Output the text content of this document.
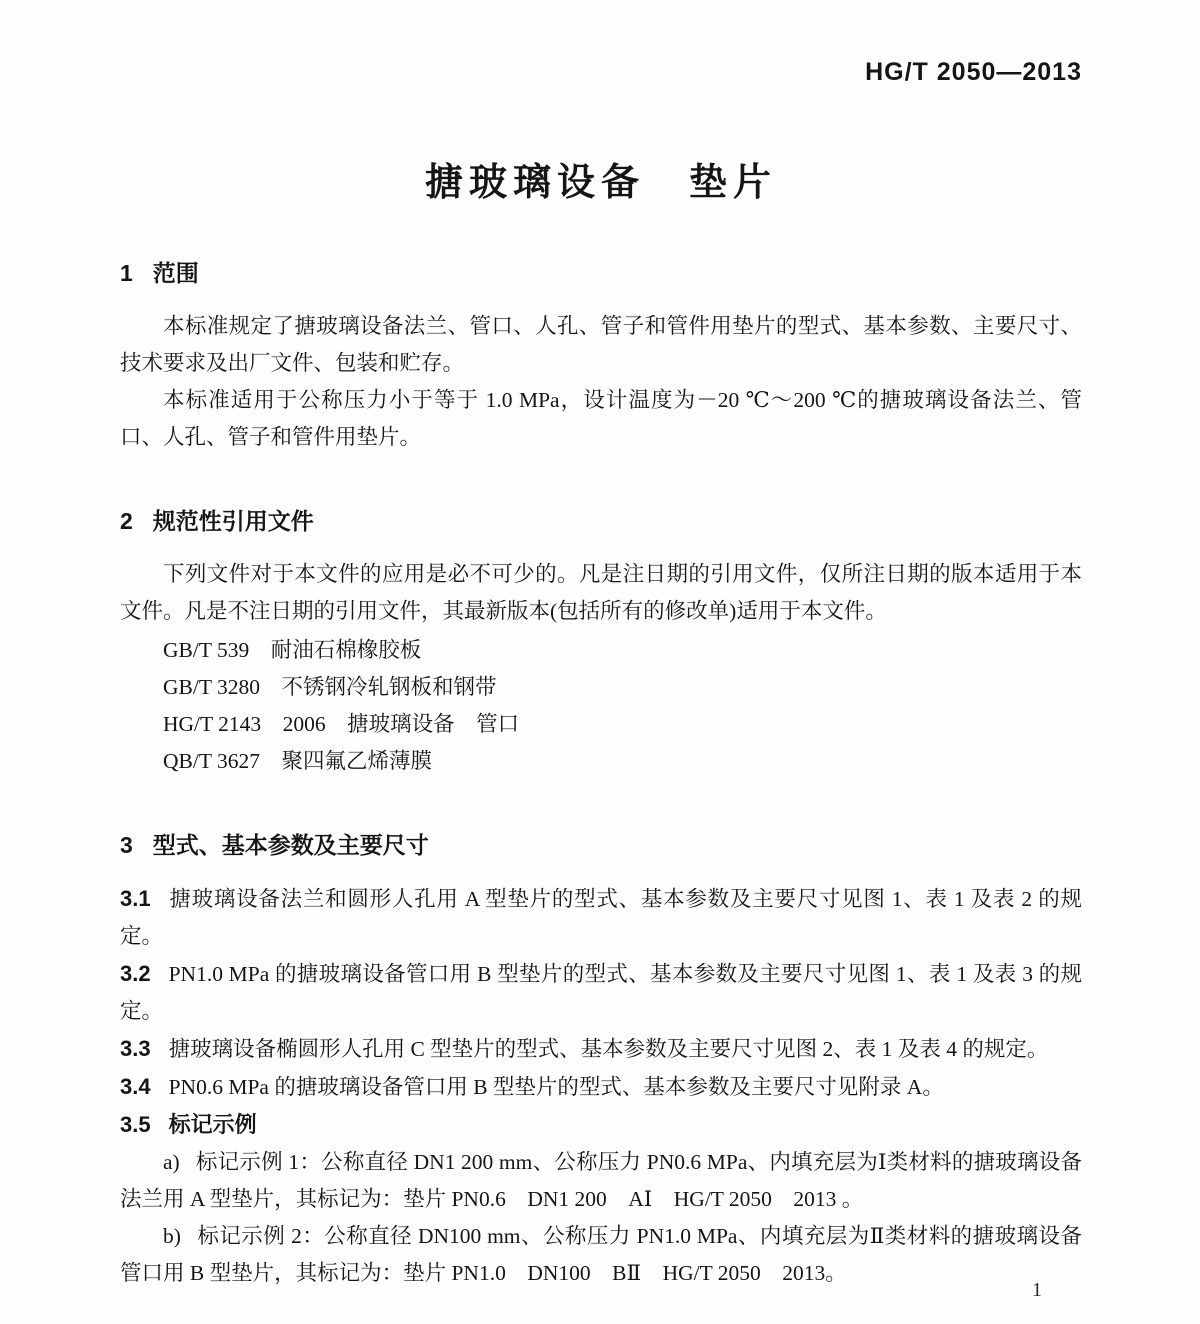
HG/T 2050—2013
搪玻璃设备　垫片
1 范围

本标准规定了搪玻璃设备法兰、管口、人孔、管子和管件用垫片的型式、基本参数、主要尺寸、技术要求及出厂文件、包装和贮存。

本标准适用于公称压力小于等于 1.0 MPa，设计温度为－20 ℃～200 ℃的搪玻璃设备法兰、管口、人孔、管子和管件用垫片。

2 规范性引用文件

下列文件对于本文件的应用是必不可少的。凡是注日期的引用文件，仅所注日期的版本适用于本文件。凡是不注日期的引用文件，其最新版本(包括所有的修改单)适用于本文件。

GB/T 539　耐油石棉橡胶板
GB/T 3280　不锈钢冷轧钢板和钢带
HG/T 2143　2006　搪玻璃设备　管口
QB/T 3627　聚四氟乙烯薄膜
3 型式、基本参数及主要尺寸

3.1 搪玻璃设备法兰和圆形人孔用 A 型垫片的型式、基本参数及主要尺寸见图 1、表 1 及表 2 的规定。

3.2 PN1.0 MPa 的搪玻璃设备管口用 B 型垫片的型式、基本参数及主要尺寸见图 1、表 1 及表 3 的规定。

3.3 搪玻璃设备椭圆形人孔用 C 型垫片的型式、基本参数及主要尺寸见图 2、表 1 及表 4 的规定。

3.4 PN0.6 MPa 的搪玻璃设备管口用 B 型垫片的型式、基本参数及主要尺寸见附录 A。

3.5 标记示例

a) 标记示例 1：公称直径 DN1 200 mm、公称压力 PN0.6 MPa、内填充层为Ⅰ类材料的搪玻璃设备法兰用 A 型垫片，其标记为：垫片 PN0.6　DN1 200　AⅠ　HG/T 2050　2013 。

b) 标记示例 2：公称直径 DN100 mm、公称压力 PN1.0 MPa、内填充层为Ⅱ类材料的搪玻璃设备管口用 B 型垫片，其标记为：垫片 PN1.0　DN100　BⅡ　HG/T 2050　2013。

1
